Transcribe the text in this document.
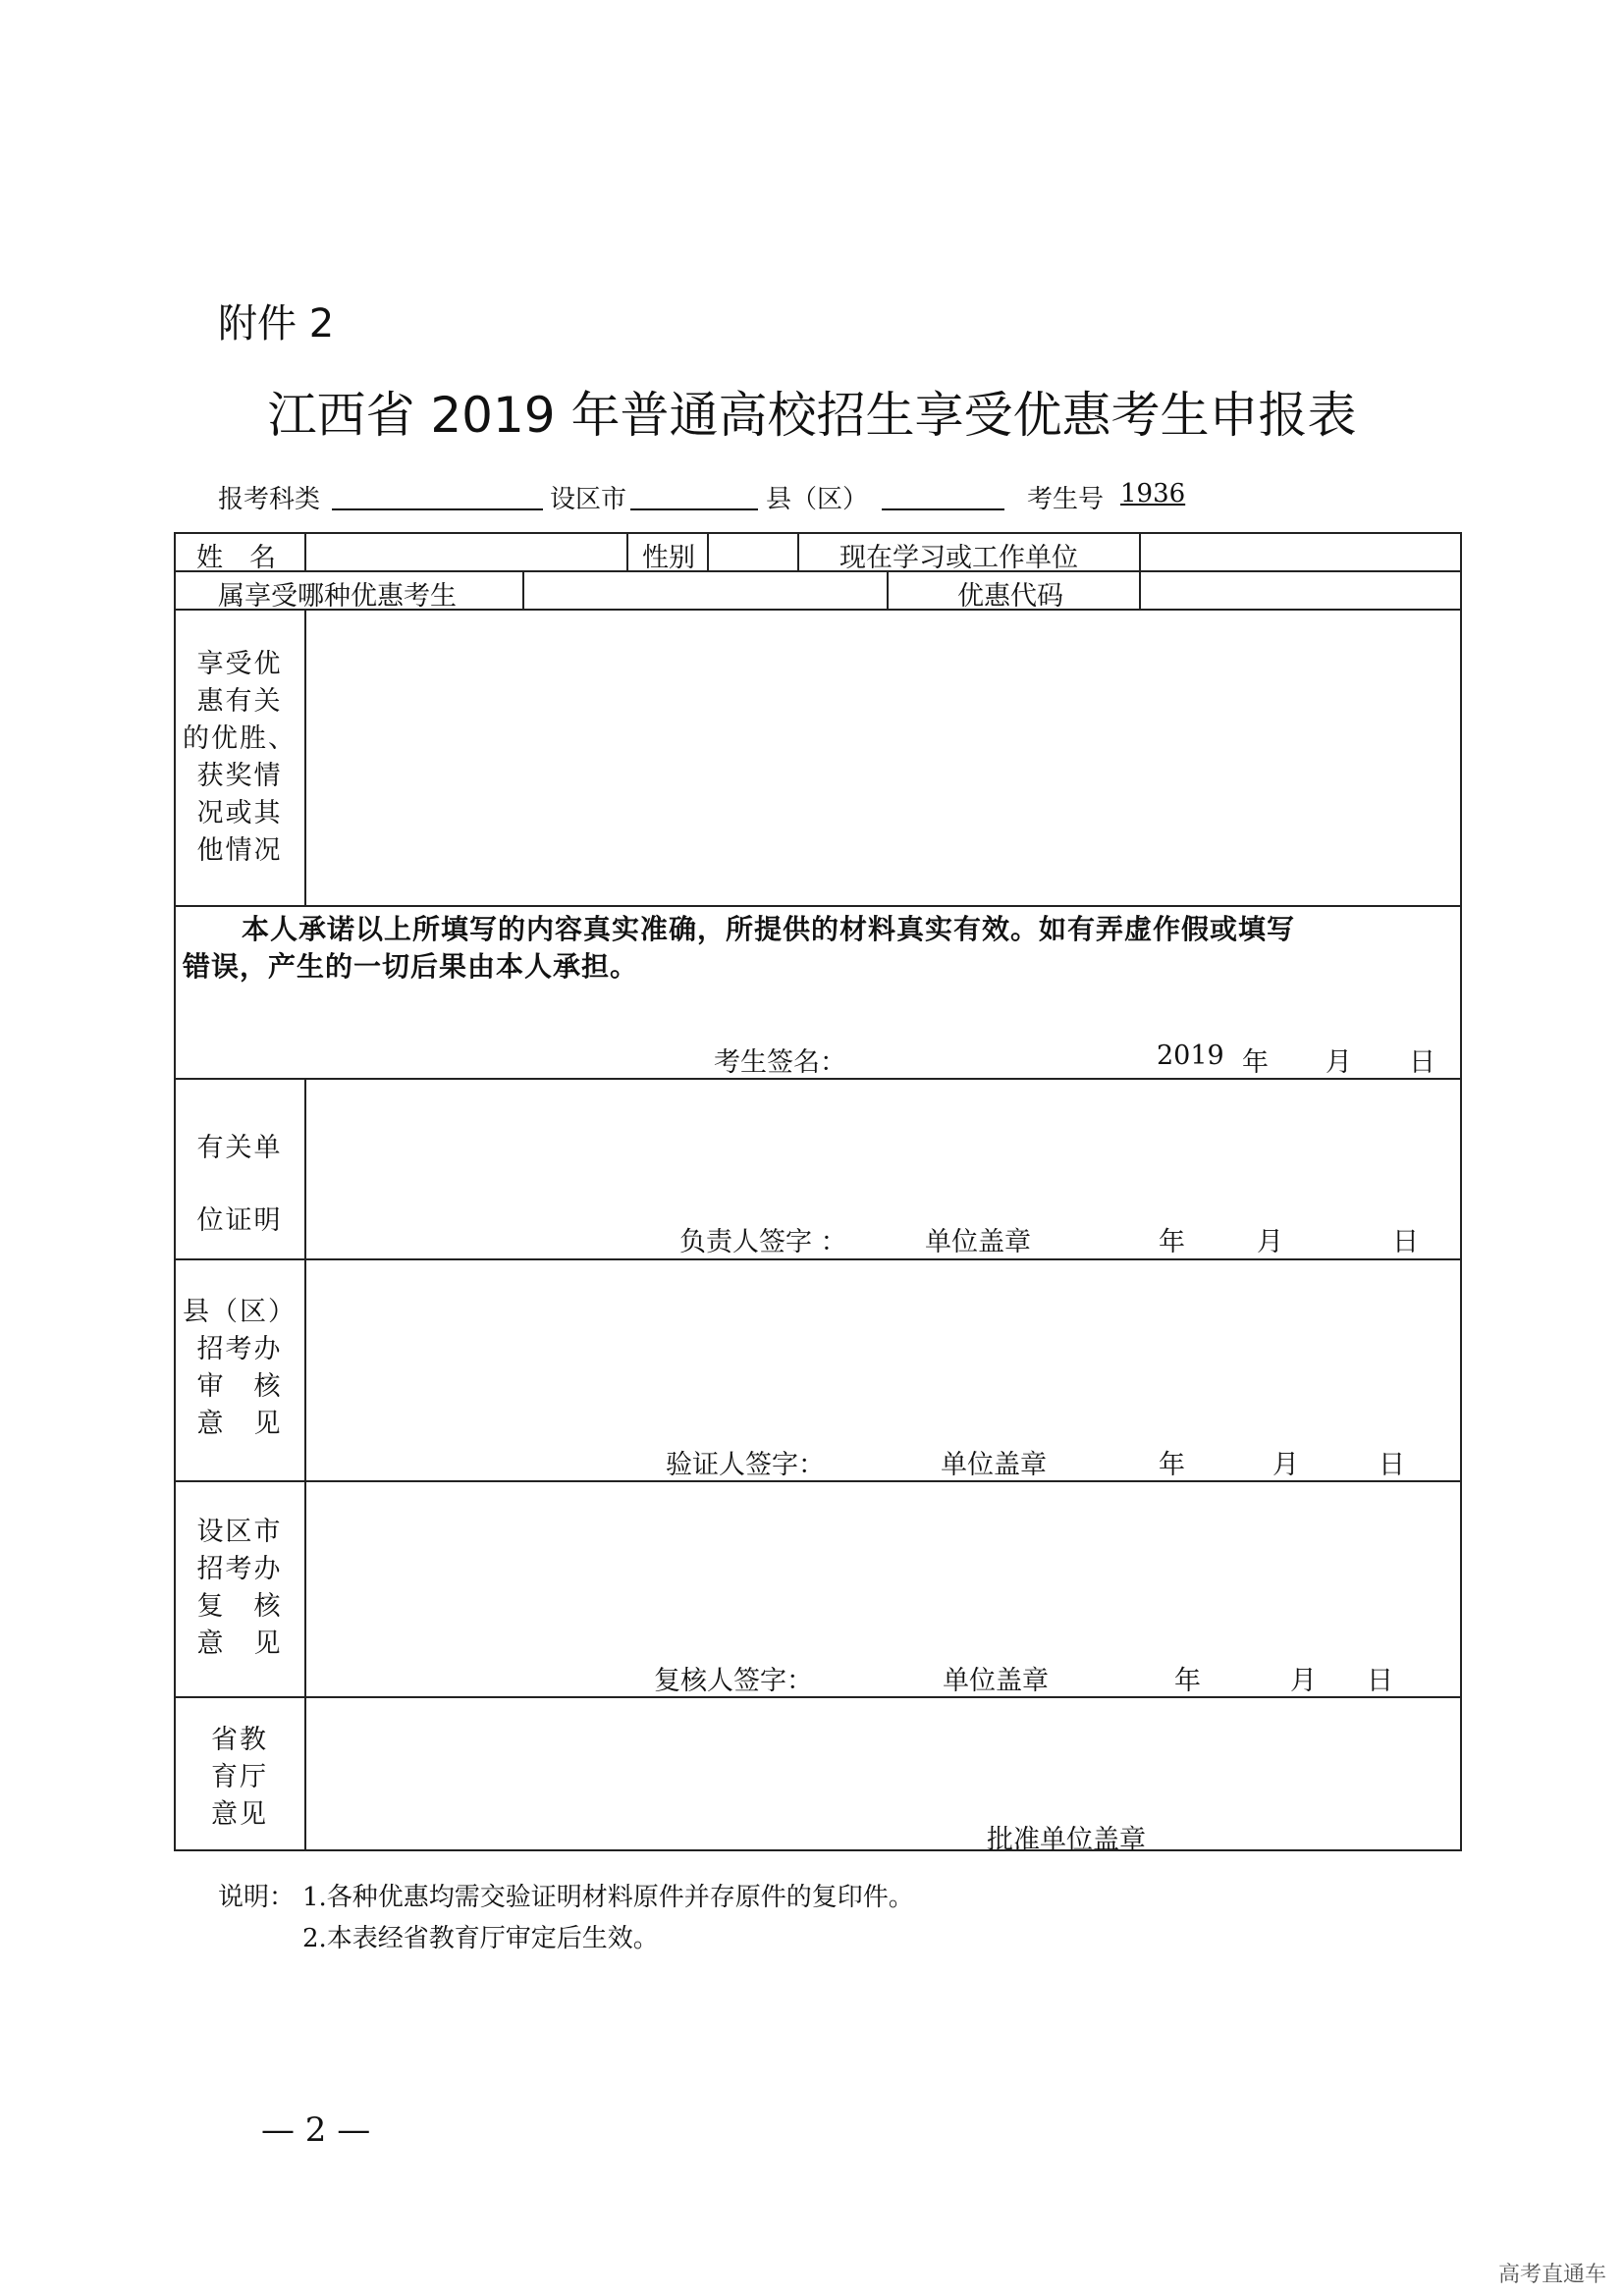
附件 2
江西省 2019 年普通高校招生享受优惠考生申报表
报考科类	设区市	县（区）	考生号 1936
姓　名	性别	现在学习或工作单位
属享受哪种优惠考生	优惠代码
享受优
惠有关
的优胜、
获奖情
况或其
他情况
本人承诺以上所填写的内容真实准确，所提供的材料真实有效。如有弄虚作假或填写
错误，产生的一切后果由本人承担。
考生签名：	2019 年 月 日
有关单
位证明
负责人签字 ：	单位盖章	年	月	日
县（区）
招考办
审　核
意　见
验证人签字：	单位盖章	年	月	日
设区市
招考办
复　核
意　见
复核人签字：	单位盖章	年	月 日
省教
育厅
意见
批准单位盖章
说明： 1.各种优惠均需交验证明材料原件并存原件的复印件。
2.本表经省教育厅审定后生效。
— 2 —
高考直通车
